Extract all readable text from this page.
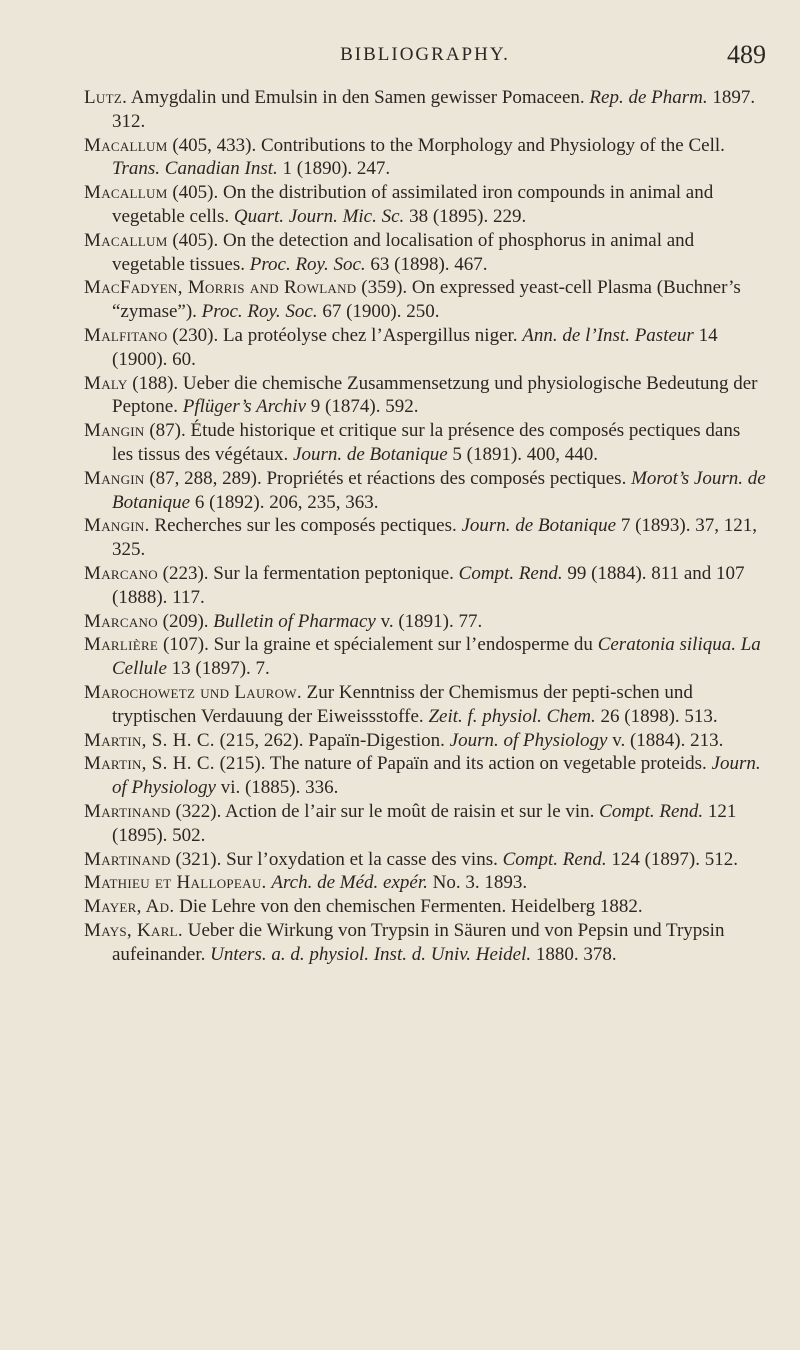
BIBLIOGRAPHY.	489

Lutz. Amygdalin und Emulsin in den Samen gewisser Pomaceen. Rep. de Pharm. 1897. 312.

Macallum (405, 433). Contributions to the Morphology and Physiology of the Cell. Trans. Canadian Inst. 1 (1890). 247.

Macallum (405). On the distribution of assimilated iron compounds in animal and vegetable cells. Quart. Journ. Mic. Sc. 38 (1895). 229.

Macallum (405). On the detection and localisation of phosphorus in animal and vegetable tissues. Proc. Roy. Soc. 63 (1898). 467.

MacFadyen, Morris and Rowland (359). On expressed yeast-cell Plasma (Buchner’s “zymase”). Proc. Roy. Soc. 67 (1900). 250.

Malfitano (230). La protéolyse chez l’Aspergillus niger. Ann. de l’Inst. Pasteur 14 (1900). 60.

Maly (188). Ueber die chemische Zusammensetzung und physiologische Bedeutung der Peptone. Pflüger’s Archiv 9 (1874). 592.

Mangin (87). Étude historique et critique sur la présence des composés pectiques dans les tissus des végétaux. Journ. de Botanique 5 (1891). 400, 440.

Mangin (87, 288, 289). Propriétés et réactions des composés pectiques. Morot’s Journ. de Botanique 6 (1892). 206, 235, 363.

Mangin. Recherches sur les composés pectiques. Journ. de Botanique 7 (1893). 37, 121, 325.

Marcano (223). Sur la fermentation peptonique. Compt. Rend. 99 (1884). 811 and 107 (1888). 117.

Marcano (209). Bulletin of Pharmacy v. (1891). 77.

Marlière (107). Sur la graine et spécialement sur l’endosperme du Ceratonia siliqua. La Cellule 13 (1897). 7.

Marochowetz und Laurow. Zur Kenntniss der Chemismus der pepti-schen und tryptischen Verdauung der Eiweissstoffe. Zeit. f. physiol. Chem. 26 (1898). 513.

Martin, S. H. C. (215, 262). Papaïn-Digestion. Journ. of Physiology v. (1884). 213.

Martin, S. H. C. (215). The nature of Papaïn and its action on vegetable proteids. Journ. of Physiology vi. (1885). 336.

Martinand (322). Action de l’air sur le moût de raisin et sur le vin. Compt. Rend. 121 (1895). 502.

Martinand (321). Sur l’oxydation et la casse des vins. Compt. Rend. 124 (1897). 512.

Mathieu et Hallopeau. Arch. de Méd. expér. No. 3. 1893.

Mayer, Ad. Die Lehre von den chemischen Fermenten. Heidelberg 1882.

Mays, Karl. Ueber die Wirkung von Trypsin in Säuren und von Pepsin und Trypsin aufeinander. Unters. a. d. physiol. Inst. d. Univ. Heidel. 1880. 378.
